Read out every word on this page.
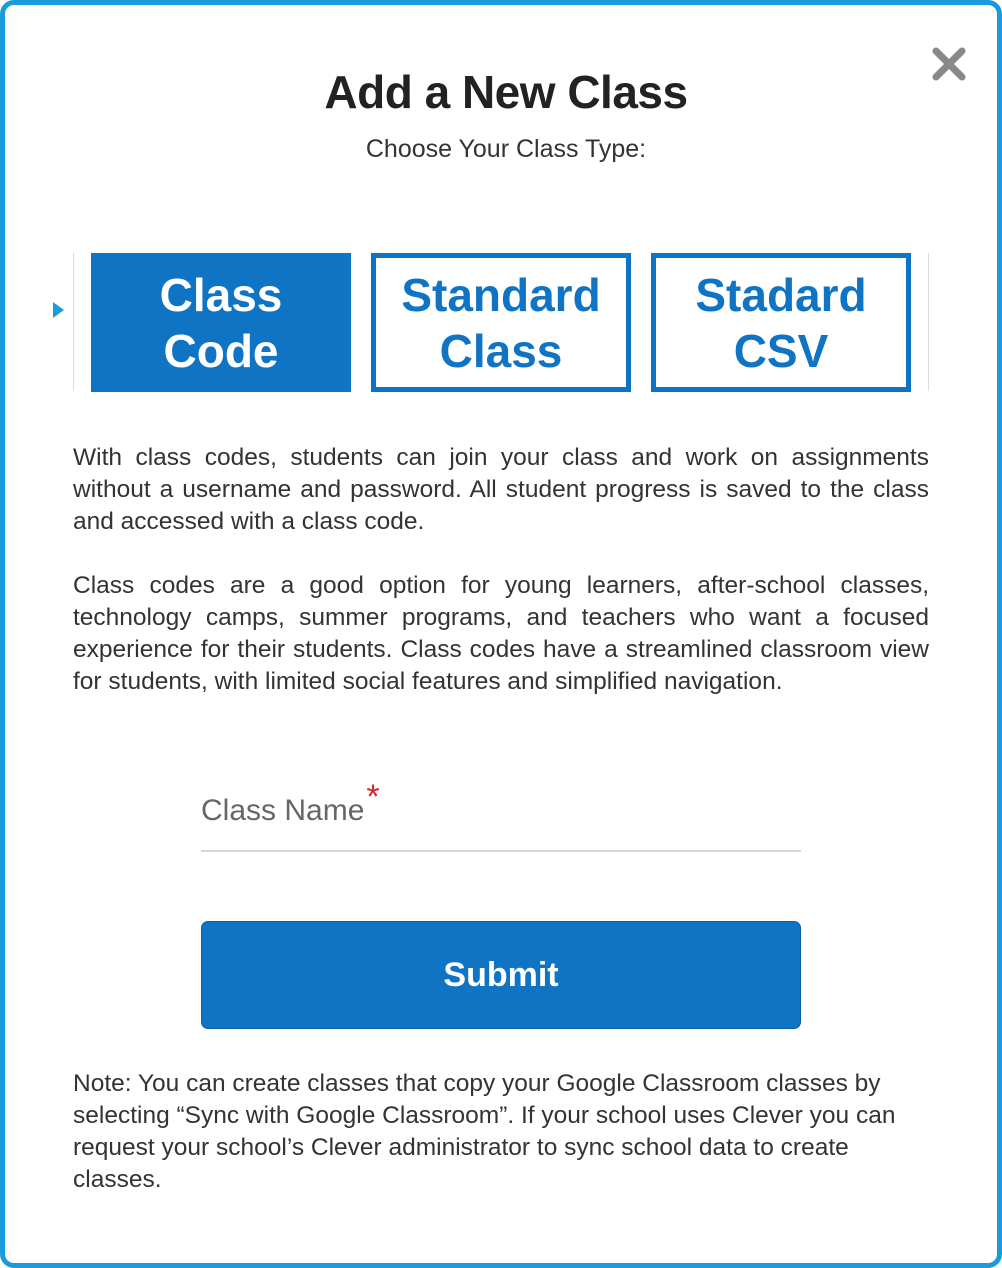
Add a New Class
Choose Your Class Type:
Class
Code
Standard
Class
Stadard
CSV
With class codes, students can join your class and work on assignments without a username and password. All student progress is saved to the class and accessed with a class code.
Class codes are a good option for young learners, after-school classes, technology camps, summer programs, and teachers who want a focused experience for their students. Class codes have a streamlined classroom view for students, with limited social features and simplified navigation.
Class Name*
Submit
Note: You can create classes that copy your Google Classroom classes by selecting “Sync with Google Classroom”. If your school uses Clever you can request your school’s Clever administrator to sync school data to create classes.
